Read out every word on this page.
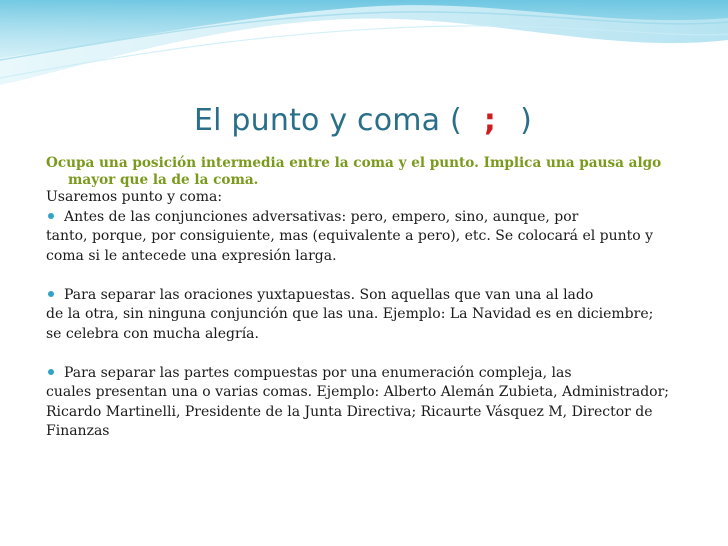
El punto y coma ( ; )
Ocupa una posición intermedia entre la coma y el punto. Implica una pausa algo
mayor que la de la coma.
Usaremos punto y coma:
Antes de las conjunciones adversativas: pero, empero, sino, aunque, por
tanto, porque, por consiguiente, mas (equivalente a pero), etc. Se colocará el punto y
coma si le antecede una expresión larga.
Para separar las oraciones yuxtapuestas. Son aquellas que van una al lado
de la otra, sin ninguna conjunción que las una. Ejemplo: La Navidad es en diciembre;
se celebra con mucha alegría.
Para separar las partes compuestas por una enumeración compleja, las
cuales presentan una o varias comas. Ejemplo: Alberto Alemán Zubieta, Administrador;
Ricardo Martinelli, Presidente de la Junta Directiva; Ricaurte Vásquez M, Director de
Finanzas
